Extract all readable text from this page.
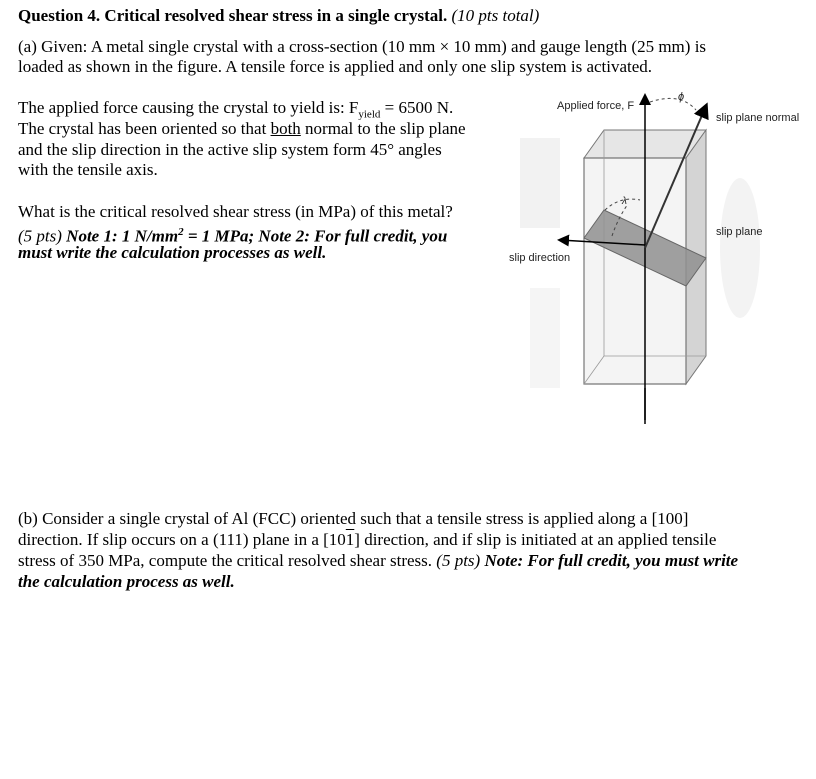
Question 4. Critical resolved shear stress in a single crystal. (10 pts total)
(a) Given: A metal single crystal with a cross-section (10 mm × 10 mm) and gauge length (25 mm) is
loaded as shown in the figure. A tensile force is applied and only one slip system is activated.
The applied force causing the crystal to yield is: $F_{yield} = 6500$ N.
The crystal has been oriented so that both normal to the slip plane
and the slip direction in the active slip system form 45° angles
with the tensile axis.
What is the critical resolved shear stress (in MPa) of this metal?
(5 pts) Note 1: 1 $N/mm^2 = 1$ MPa; Note 2: For full credit, you
must write the calculation processes as well.
Applied force, F
slip plane normal
slip plane
slip direction
ϕ
λ
(b) Consider a single crystal of Al (FCC) oriented such that a tensile stress is applied along a [100]
direction. If slip occurs on a (111) plane in a [101] direction, and if slip is initiated at an applied tensile
stress of 350 MPa, compute the critical resolved shear stress. (5 pts) Note: For full credit, you must write
the calculation process as well.
